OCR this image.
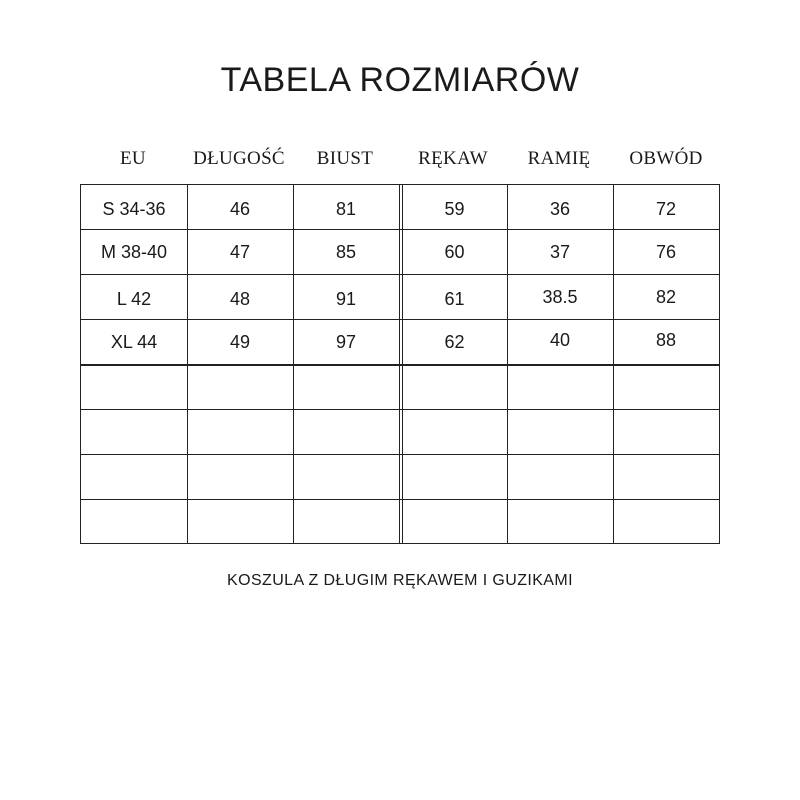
TABELA ROZMIARÓW
EU	DŁUGOŚĆ	BIUST	RĘKAW	RAMIĘ	OBWÓD
S 34-36	46	81	59	36	72
M 38-40	47	85	60	37	76
L 42	48	91	61	38.5	82
XL 44	49	97	62	40	88
KOSZULA Z DŁUGIM RĘKAWEM I GUZIKAMI
